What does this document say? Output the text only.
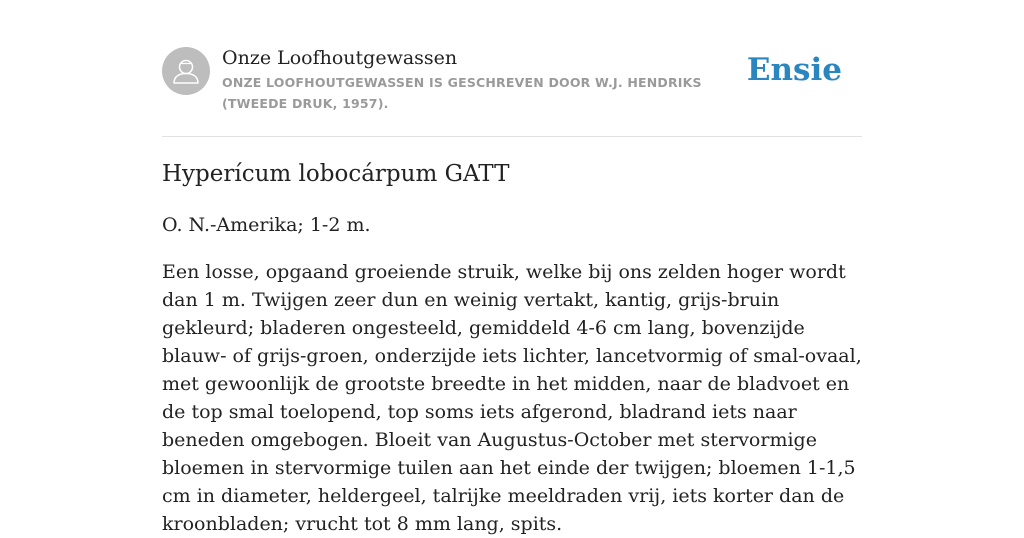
Onze Loofhoutgewassen
ONZE LOOFHOUTGEWASSEN IS GESCHREVEN DOOR W.J. HENDRIKS (TWEEDE DRUK, 1957).
Ensie
Hyperícum lobocárpum GATT

O. N.-Amerika; 1-2 m.

Een losse, opgaand groeiende struik, welke bij ons zelden hoger wordt dan 1 m. Twijgen zeer dun en weinig vertakt, kantig, grijs-bruin gekleurd; bladeren ongesteeld, gemiddeld 4-6 cm lang, bovenzijde blauw- of grijs-groen, onderzijde iets lichter, lancetvormig of smal-ovaal, met gewoonlijk de grootste breedte in het midden, naar de bladvoet en de top smal toelopend, top soms iets afgerond, bladrand iets naar beneden omgebogen. Bloeit van Augustus-October met stervormige bloemen in stervormige tuilen aan het einde der twijgen; bloemen 1-1,5 cm in diameter, heldergeel, talrijke meeldraden vrij, iets korter dan de kroonbladen; vrucht tot 8 mm lang, spits.
